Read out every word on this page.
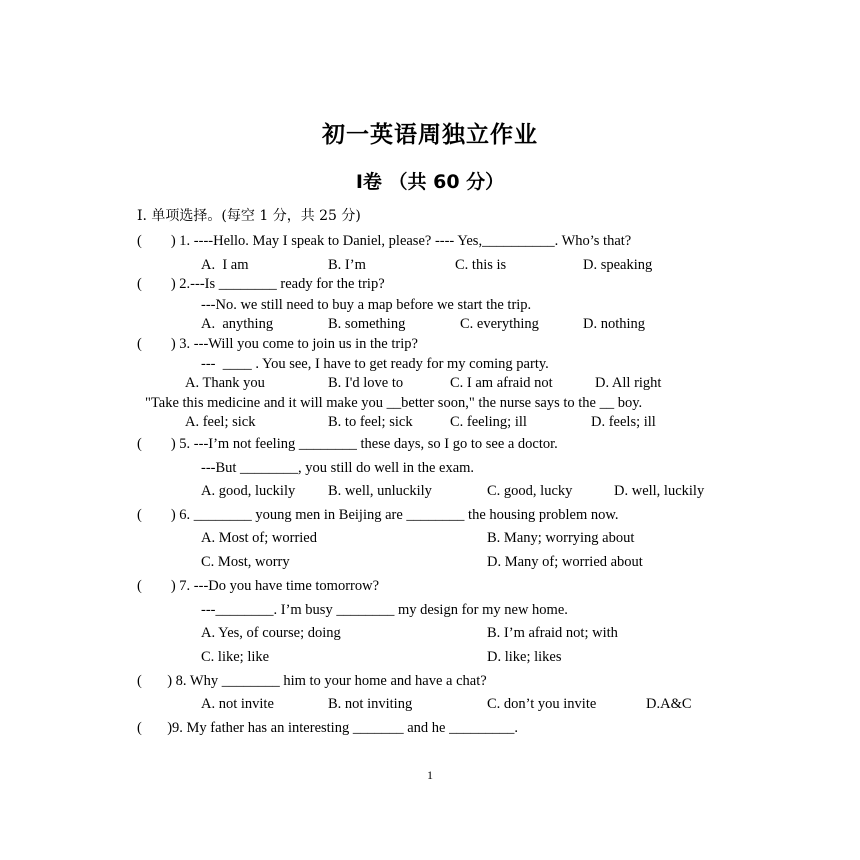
初一英语周独立作业
Ⅰ卷 （共 60 分）
Ⅰ. 单项选择。(每空 1 分，共 25 分)
(        ) 1. ----Hello. May I speak to Daniel, please? ---- Yes,__________. Who’s that?
A.  I am	B. I’m	C. this is	D. speaking
(        ) 2.---Is ________ ready for the trip?
---No. we still need to buy a map before we start the trip.
A.  anything	B. something	C. everything	D. nothing
(        ) 3. ---Will you come to join us in the trip?
---  ____ . You see, I have to get ready for my coming party.
A. Thank you	B. I'd love to	C. I am afraid not	D. All right
"Take this medicine and it will make you __better soon," the nurse says to the __ boy.
A. feel; sick	B. to feel; sick	C. feeling; ill	D. feels; ill
(        ) 5. ---I’m not feeling ________ these days, so I go to see a doctor.
---But ________, you still do well in the exam.
A. good, luckily B. well, unluckily	C. good, lucky	D. well, luckily
(        ) 6. ________ young men in Beijing are ________ the housing problem now.
A. Most of; worried	B. Many; worrying about
C. Most, worry	D. Many of; worried about
(        ) 7. ---Do you have time tomorrow?
---________. I’m busy ________ my design for my new home.
A. Yes, of course; doing	B. I’m afraid not; with
C. like; like	D. like; likes
(       ) 8. Why ________ him to your home and have a chat?
A. not invite	B. not inviting	C. don’t you invite	D.A&C
(       )9. My father has an interesting _______ and he _________.
1
